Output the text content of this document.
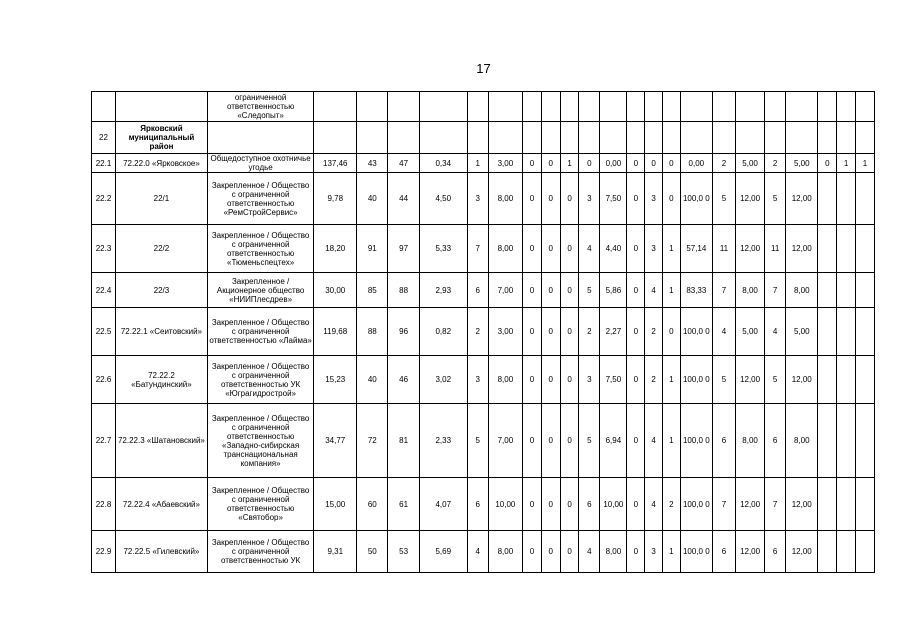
17
		ограниченной ответственностью «Следопыт»																						
22	Ярковский муниципальный район																							
22.1	72.22.0 «Ярковское»	Общедоступное охотничье угодье	137,46	43	47	0,34	1	3,00	0	0	1	0	0,00	0	0	0	0,00	2	5,00	2	5,00	0	1	1
22.2	22/1	Закрепленное / Общество с ограниченной ответственностью «РемСтройСервис»	9,78	40	44	4,50	3	8,00	0	0	0	3	7,50	0	3	0	100,0 0	5	12,00	5	12,00			
22.3	22/2	Закрепленное / Общество с ограниченной ответственностью «Тюменьспецтех»	18,20	91	97	5,33	7	8,00	0	0	0	4	4,40	0	3	1	57,14	11	12,00	11	12,00			
22.4	22/3	Закрепленное / Акционерное общество «НИИПлесдрев»	30,00	85	88	2,93	6	7,00	0	0	0	5	5,86	0	4	1	83,33	7	8,00	7	8,00			
22.5	72.22.1 «Сеитовский»	Закрепленное / Общество с ограниченной ответственностью «Лайма»	119,68	88	96	0,82	2	3,00	0	0	0	2	2,27	0	2	0	100,0 0	4	5,00	4	5,00			
22.6	72.22.2 «Батундинский»	Закрепленное / Общество с ограниченной ответственностью УК «Юграгидрострой»	15,23	40	46	3,02	3	8,00	0	0	0	3	7,50	0	2	1	100,0 0	5	12,00	5	12,00			
22.7	72.22.3 «Шатановский»	Закрепленное / Общество с ограниченной ответственностью «Западно-сибирская транснациональная компания»	34,77	72	81	2,33	5	7,00	0	0	0	5	6,94	0	4	1	100,0 0	6	8,00	6	8,00			
22.8	72.22.4 «Абаевский»	Закрепленное / Общество с ограниченной ответственностью «Святобор»	15,00	60	61	4,07	6	10,00	0	0	0	6	10,00	0	4	2	100,0 0	7	12,00	7	12,00			
22.9	72.22.5 «Гилевский»	Закрепленное / Общество с ограниченной ответственностью УК	9,31	50	53	5,69	4	8,00	0	0	0	4	8,00	0	3	1	100,0 0	6	12,00	6	12,00			
